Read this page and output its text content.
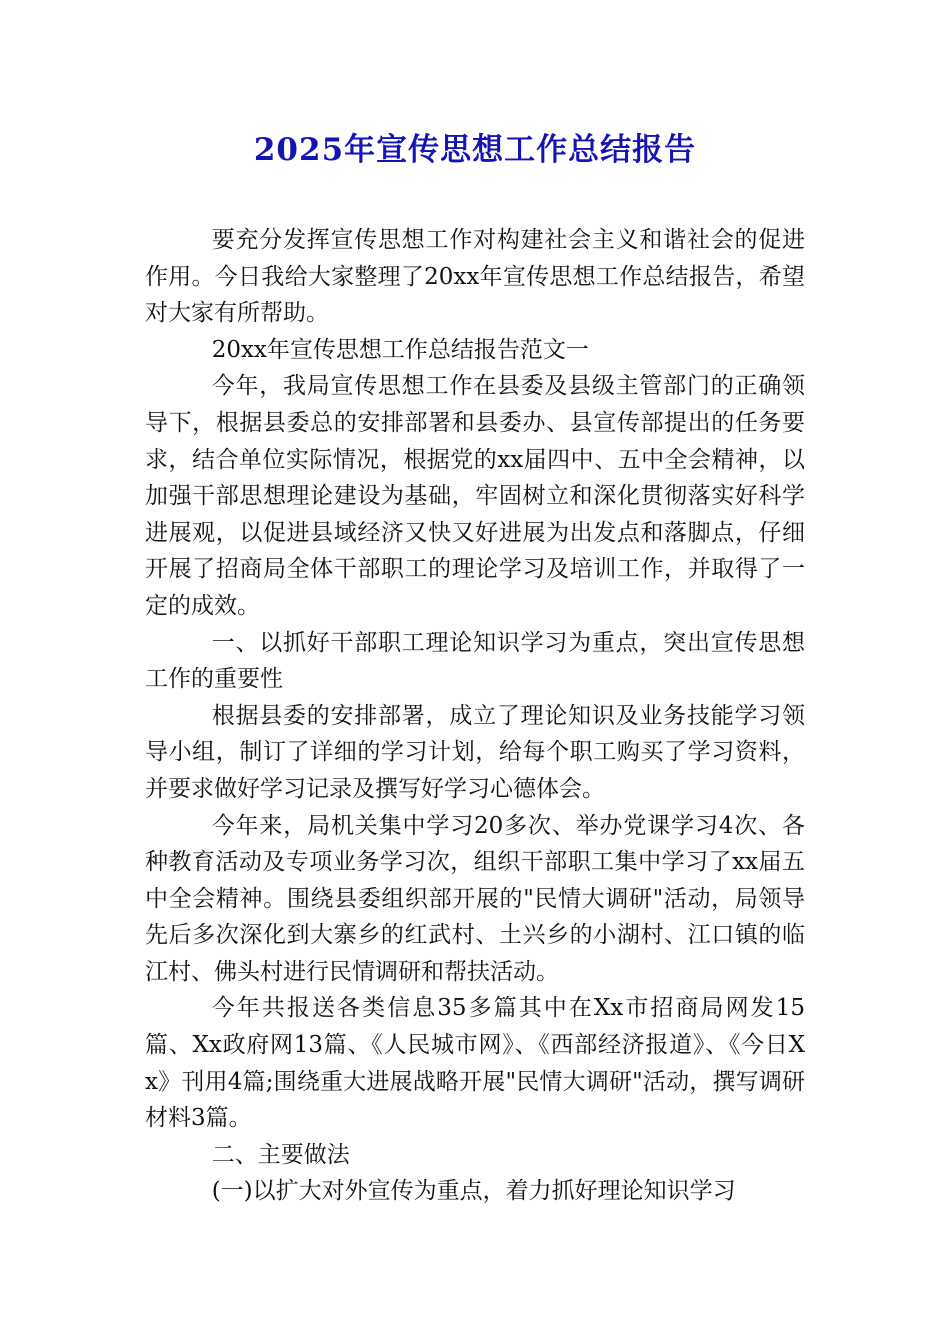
2025年宣传思想工作总结报告

要充分发挥宣传思想工作对构建社会主义和谐社会的促进作用。今日我给大家整理了20xx年宣传思想工作总结报告，希望对大家有所帮助。

20xx年宣传思想工作总结报告范文一

今年，我局宣传思想工作在县委及县级主管部门的正确领导下，根据县委总的安排部署和县委办、县宣传部提出的任务要求，结合单位实际情况，根据党的xx届四中、五中全会精神，以加强干部思想理论建设为基础，牢固树立和深化贯彻落实好科学进展观，以促进县域经济又快又好进展为出发点和落脚点，仔细开展了招商局全体干部职工的理论学习及培训工作，并取得了一定的成效。

一、以抓好干部职工理论知识学习为重点，突出宣传思想工作的重要性

根据县委的安排部署，成立了理论知识及业务技能学习领导小组，制订了详细的学习计划，给每个职工购买了学习资料，并要求做好学习记录及撰写好学习心德体会。

今年来，局机关集中学习20多次、举办党课学习4次、各种教育活动及专项业务学习次，组织干部职工集中学习了xx届五中全会精神。围绕县委组织部开展的"民情大调研"活动，局领导先后多次深化到大寨乡的红武村、土兴乡的小湖村、江口镇的临江村、佛头村进行民情调研和帮扶活动。

今年共报送各类信息35多篇其中在Xx市招商局网发15篇、Xx政府网13篇、《人民城市网》、《西部经济报道》、《今日Xx》刊用4篇;围绕重大进展战略开展"民情大调研"活动，撰写调研材料3篇。

二、主要做法

(一)以扩大对外宣传为重点，着力抓好理论知识学习
